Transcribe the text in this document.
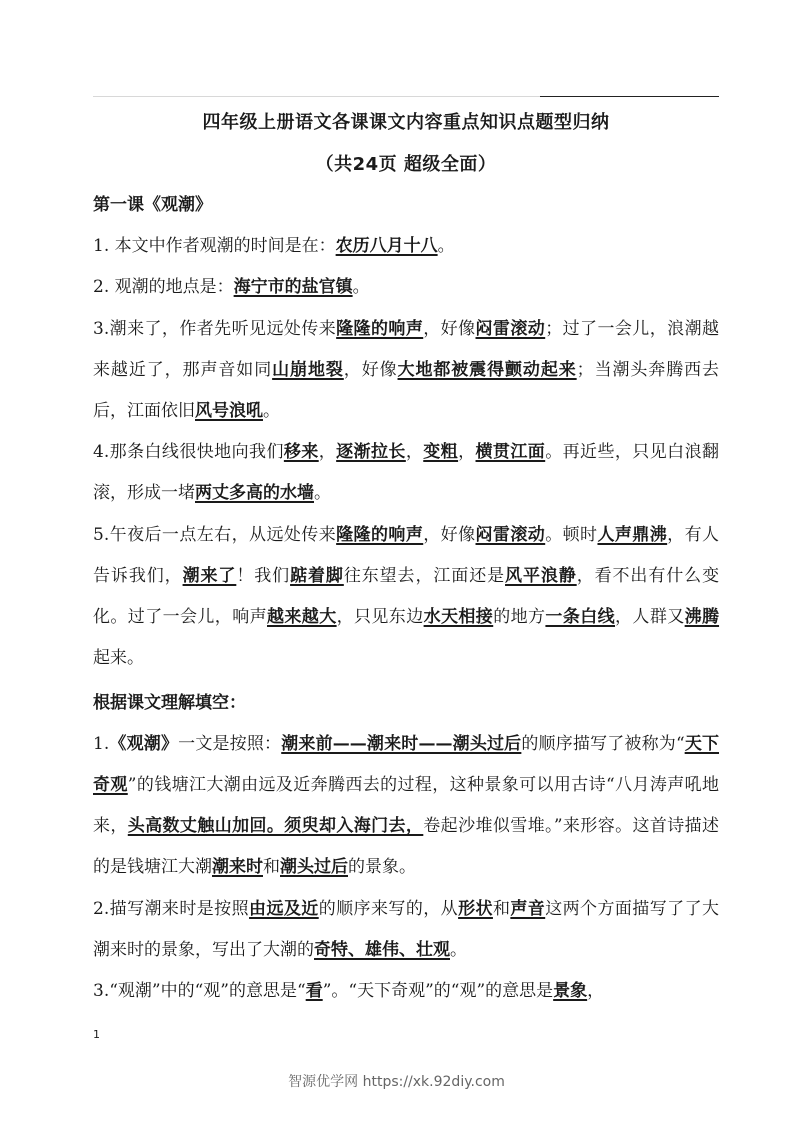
四年级上册语文各课课文内容重点知识点题型归纳
（共24页 超级全面）
第一课《观潮》
1. 本文中作者观潮的时间是在：农历八月十八。
2. 观潮的地点是：海宁市的盐官镇。
3.潮来了，作者先听见远处传来隆隆的响声，好像闷雷滚动；过了一会儿，浪潮越来越近了，那声音如同山崩地裂，好像大地都被震得颤动起来；当潮头奔腾西去后，江面依旧风号浪吼。
4.那条白线很快地向我们移来，逐渐拉长，变粗，横贯江面。再近些，只见白浪翻滚，形成一堵两丈多高的水墙。
5.午夜后一点左右，从远处传来隆隆的响声，好像闷雷滚动。顿时人声鼎沸，有人告诉我们，潮来了！我们踮着脚往东望去，江面还是风平浪静，看不出有什么变化。过了一会儿，响声越来越大，只见东边水天相接的地方一条白线，人群又沸腾起来。
根据课文理解填空：
1.《观潮》一文是按照：潮来前——潮来时——潮头过后的顺序描写了被称为“天下奇观”的钱塘江大潮由远及近奔腾西去的过程，这种景象可以用古诗“八月涛声吼地来，头高数丈触山加回。须臾却入海门去，卷起沙堆似雪堆。”来形容。这首诗描述的是钱塘江大潮潮来时和潮头过后的景象。
2.描写潮来时是按照由远及近的顺序来写的，从形状和声音这两个方面描写了了大潮来时的景象，写出了大潮的奇特、雄伟、壮观。
3.“观潮”中的“观”的意思是“看”。“天下奇观”的“观”的意思是景象，
1
智源优学网 https://xk.92diy.com
